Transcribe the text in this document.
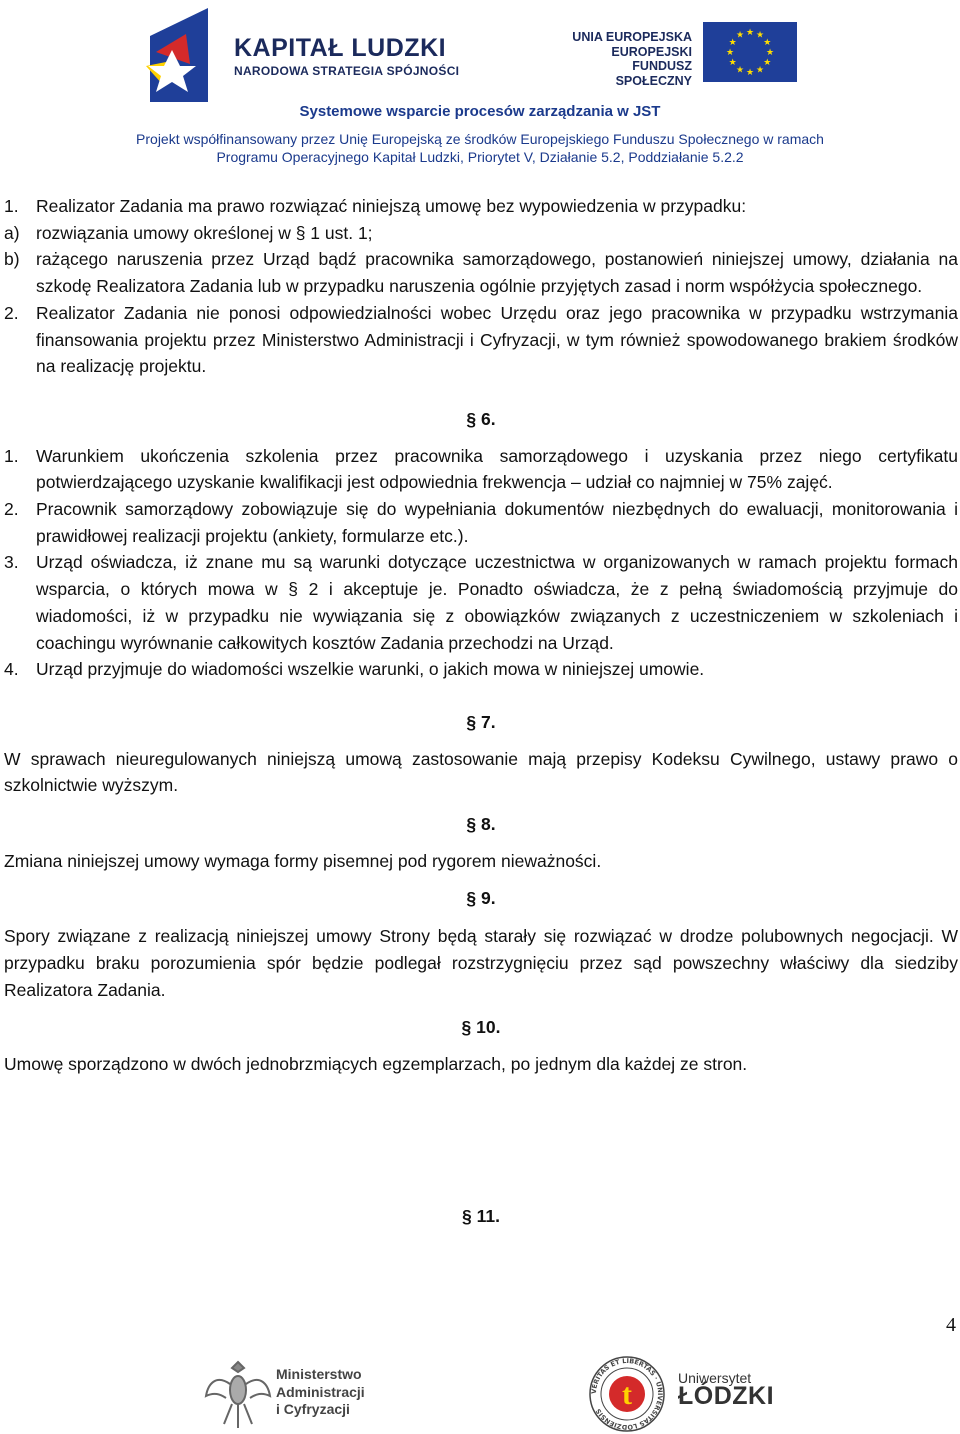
KAPITAŁ LUDZKI
NARODOWA STRATEGIA SPÓJNOŚCI
UNIA EUROPEJSKA
EUROPEJSKI
FUNDUSZ SPOŁECZNY
★ ★
★
★
★
★
★
★
★
★
★
★
Systemowe wsparcie procesów zarządzania w JST
Projekt współfinansowany przez Unię Europejską ze środków Europejskiego Funduszu Społecznego w ramach
Programu Operacyjnego Kapitał Ludzki, Priorytet V, Działanie 5.2, Poddziałanie 5.2.2
1. Realizator Zadania ma prawo rozwiązać niniejszą umowę bez wypowiedzenia w przypadku:
a) rozwiązania umowy określonej w § 1 ust. 1;
b) rażącego naruszenia przez Urząd bądź pracownika samorządowego, postanowień niniejszej umowy, działania na szkodę Realizatora Zadania lub w przypadku naruszenia ogólnie przyjętych zasad i norm współżycia społecznego.
2. Realizator Zadania nie ponosi odpowiedzialności wobec Urzędu oraz jego pracownika w przypadku wstrzymania finansowania projektu przez Ministerstwo Administracji i Cyfryzacji, w tym również spowodowanego brakiem środków na realizację projektu.
§ 6.
1. Warunkiem ukończenia szkolenia przez pracownika samorządowego i uzyskania przez niego certyfikatu potwierdzającego uzyskanie kwalifikacji jest odpowiednia frekwencja – udział co najmniej w 75% zajęć.
2. Pracownik samorządowy zobowiązuje się do wypełniania dokumentów niezbędnych do ewaluacji, monitorowania i prawidłowej realizacji projektu (ankiety, formularze etc.).
3. Urząd oświadcza, iż znane mu są warunki dotyczące uczestnictwa w organizowanych w ramach projektu formach wsparcia, o których mowa w § 2 i akceptuje je. Ponadto oświadcza, że z pełną świadomością przyjmuje do wiadomości, iż w przypadku nie wywiązania się z obowiązków związanych z uczestniczeniem w szkoleniach i coachingu wyrównanie całkowitych kosztów Zadania przechodzi na Urząd.
4. Urząd przyjmuje do wiadomości wszelkie warunki, o jakich mowa w niniejszej umowie.
§ 7.

W sprawach nieuregulowanych niniejszą umową zastosowanie mają przepisy Kodeksu Cywilnego, ustawy prawo o szkolnictwie wyższym.

§ 8.

Zmiana niniejszej umowy wymaga formy pisemnej pod rygorem nieważności.

§ 9.

Spory związane z realizacją niniejszej umowy Strony będą starały się rozwiązać w drodze polubownych negocjacji. W przypadku braku porozumienia spór będzie podlegał rozstrzygnięciu przez sąd powszechny właściwy dla siedziby Realizatora Zadania.

§ 10.

Umowę sporządzono w dwóch jednobrzmiących egzemplarzach, po jednym dla każdej ze stron.

§ 11.
4
Ministerstwo
Administracji
i Cyfryzacji
VERITAS ET LIBERTAS · UNIVERSITAS LODZIENSIS
t	Uniwersytet
ŁÓDZKI
